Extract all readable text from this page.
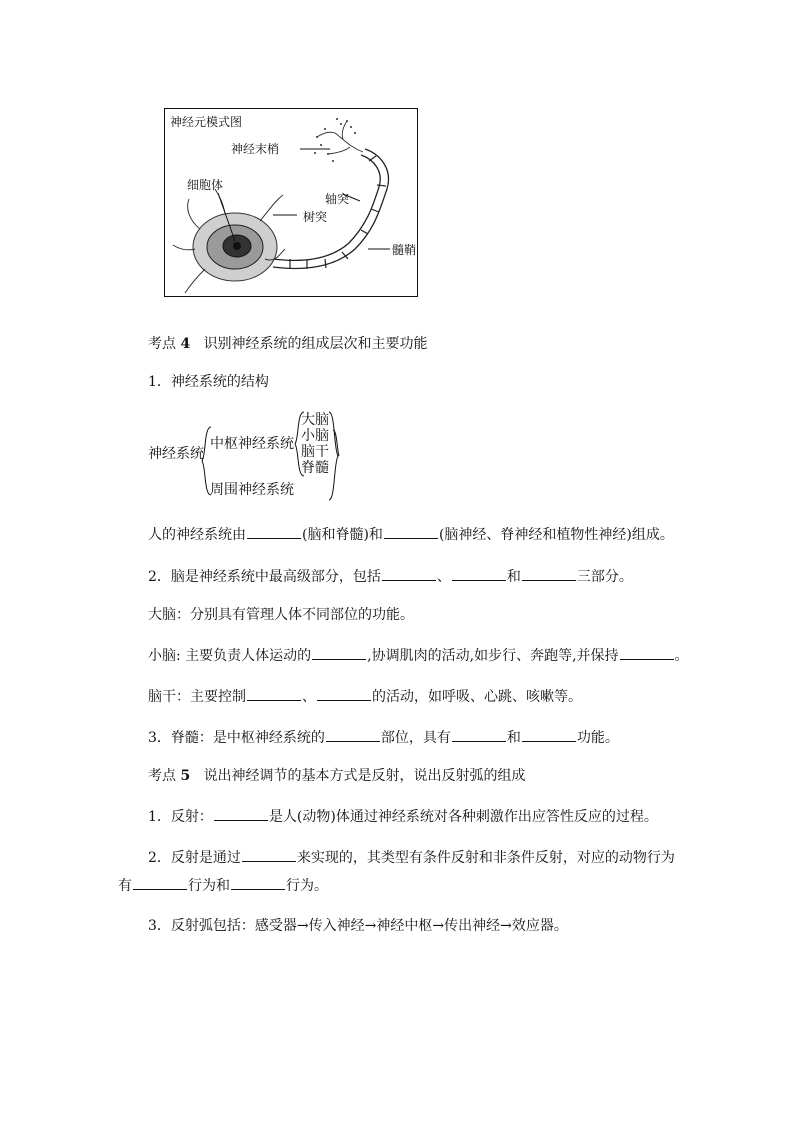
神经元模式图
神经末梢
细胞体
轴突
树突
髓鞘
考点 4 识别神经系统的组成层次和主要功能
1．神经系统的结构
神经系统
中枢神经系统
周围神经系统
大脑
小脑
脑干
脊髓
人的神经系统由	(脑和脊髓)和	(脑神经、脊神经和植物性神经)组成。
2．脑是神经系统中最高级部分，包括	、	和	三部分。
大脑：分别具有管理人体不同部位的功能。
小脑: 主要负责人体运动的	,协调肌肉的活动,如步行、奔跑等,并保持	。
脑干：主要控制	、	的活动，如呼吸、心跳、咳嗽等。
3．脊髓：是中枢神经系统的	部位，具有	和	功能。
考点 5 说出神经调节的基本方式是反射，说出反射弧的组成
1．反射：	是人(动物)体通过神经系统对各种刺激作出应答性反应的过程。
2．反射是通过	来实现的，其类型有条件反射和非条件反射，对应的动物行为
有	行为和	行为。
3．反射弧包括：感受器→传入神经→神经中枢→传出神经→效应器。
